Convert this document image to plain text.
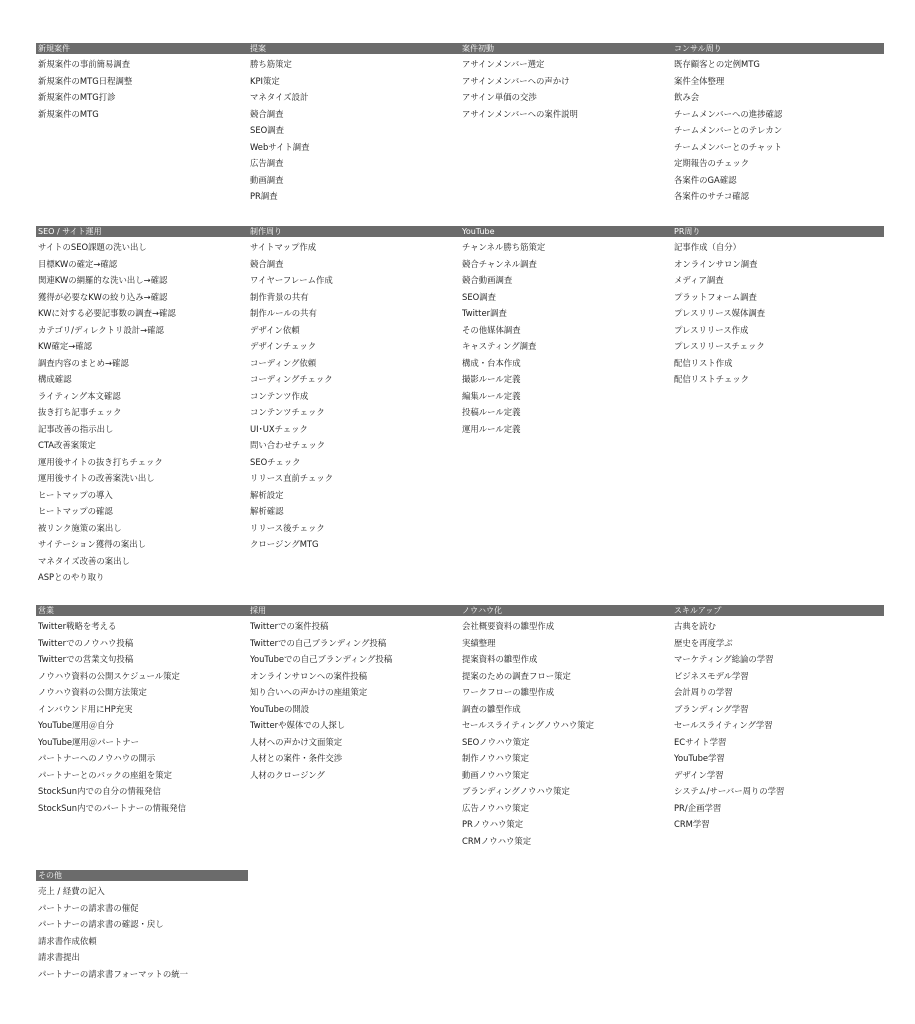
新規案件
新規案件の事前簡易調査
新規案件のMTG日程調整
新規案件のMTG打診
新規案件のMTG
提案
勝ち筋策定
KPI策定
マネタイズ設計
競合調査
SEO調査
Webサイト調査
広告調査
動画調査
PR調査
案件初動
アサインメンバー選定
アサインメンバーへの声かけ
アサイン単価の交渉
アサインメンバーへの案件説明
コンサル周り
既存顧客との定例MTG
案件全体整理
飲み会
チームメンバーへの進捗確認
チームメンバーとのテレカン
チームメンバーとのチャット
定期報告のチェック
各案件のGA確認
各案件のサチコ確認
SEO / サイト運用
サイトのSEO課題の洗い出し
目標KWの確定→確認
関連KWの網羅的な洗い出し→確認
獲得が必要なKWの絞り込み→確認
KWに対する必要記事数の調査→確認
カテゴリ/ディレクトリ設計→確認
KW確定→確認
調査内容のまとめ→確認
構成確認
ライティング本文確認
抜き打ち記事チェック
記事改善の指示出し
CTA改善案策定
運用後サイトの抜き打ちチェック
運用後サイトの改善案洗い出し
ヒートマップの導入
ヒートマップの確認
被リンク施策の案出し
サイテーション獲得の案出し
マネタイズ改善の案出し
ASPとのやり取り
制作周り
サイトマップ作成
競合調査
ワイヤーフレーム作成
制作背景の共有
制作ルールの共有
デザイン依頼
デザインチェック
コーディング依頼
コーディングチェック
コンテンツ作成
コンテンツチェック
UI･UXチェック
問い合わせチェック
SEOチェック
リリース直前チェック
解析設定
解析確認
リリース後チェック
クロージングMTG
YouTube
チャンネル勝ち筋策定
競合チャンネル調査
競合動画調査
SEO調査
Twitter調査
その他媒体調査
キャスティング調査
構成・台本作成
撮影ルール定義
編集ルール定義
投稿ルール定義
運用ルール定義
PR周り
記事作成（自分）
オンラインサロン調査
メディア調査
プラットフォーム調査
プレスリリース媒体調査
プレスリリース作成
プレスリリースチェック
配信リスト作成
配信リストチェック
営業
Twitter戦略を考える
Twitterでのノウハウ投稿
Twitterでの営業文句投稿
ノウハウ資料の公開スケジュール策定
ノウハウ資料の公開方法策定
インバウンド用にHP充実
YouTube運用＠自分
YouTube運用＠パートナー
パートナーへのノウハウの開示
パートナーとのバックの座組を策定
StockSun内での自分の情報発信
StockSun内でのパートナーの情報発信
採用
Twitterでの案件投稿
Twitterでの自己ブランディング投稿
YouTubeでの自己ブランディング投稿
オンラインサロンへの案件投稿
知り合いへの声かけの座組策定
YouTubeの開設
Twitterや媒体での人探し
人材への声かけ文面策定
人材との案件・条件交渉
人材のクロージング
ノウハウ化
会社概要資料の雛型作成
実績整理
提案資料の雛型作成
提案のための調査フロー策定
ワークフローの雛型作成
調査の雛型作成
セールスライティングノウハウ策定
SEOノウハウ策定
制作ノウハウ策定
動画ノウハウ策定
ブランディングノウハウ策定
広告ノウハウ策定
PRノウハウ策定
CRMノウハウ策定
スキルアップ
古典を読む
歴史を再度学ぶ
マーケティング総論の学習
ビジネスモデル学習
会計周りの学習
ブランディング学習
セールスライティング学習
ECサイト学習
YouTube学習
デザイン学習
システム/サーバー周りの学習
PR/企画学習
CRM学習
その他
売上 / 経費の記入
パートナーの請求書の催促
パートナーの請求書の確認・戻し
請求書作成依頼
請求書提出
パートナーの請求書フォーマットの統一
